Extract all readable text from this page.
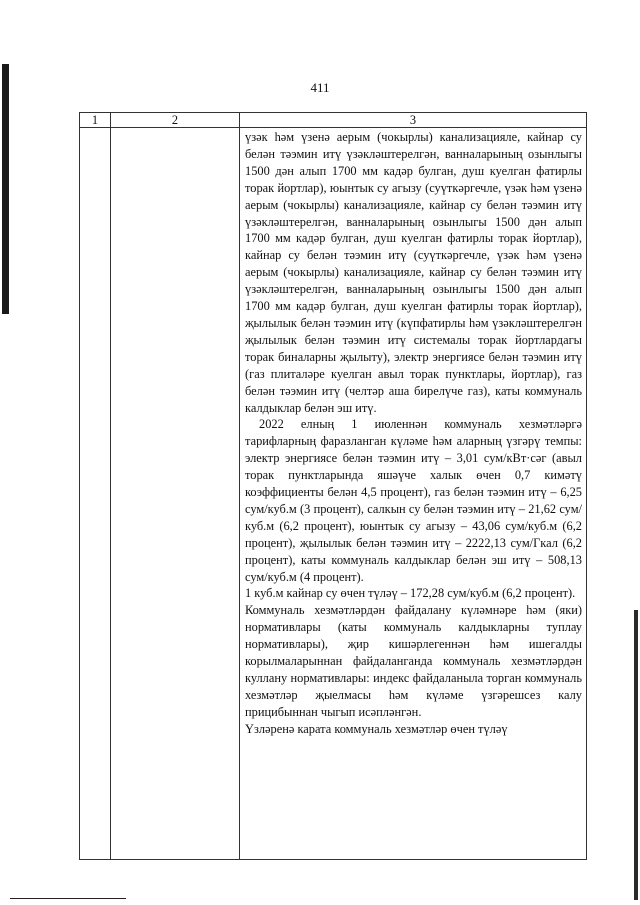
411
1	2	3

		үзәк һәм үзенә аерым (чокырлы) канализацияле, кайнар су белән тәэмин итү үзәкләштерелгән, ванналарының озынлыгы 1500 дән алып 1700 мм кадәр булган, душ куелган фатирлы торак йортлар), юынтык су агызу (суүткәргечле, үзәк һәм үзенә аерым (чокырлы) канализацияле, кайнар су белән тәэмин итү үзәкләштерелгән, ванналарының озынлыгы 1500 дән алып 1700 мм кадәр булган, душ куелган фатирлы торак йортлар), кайнар су белән тәэмин итү (суүткәргечле, үзәк һәм үзенә аерым (чокырлы) канализацияле, кайнар су белән тәэмин итү үзәкләштерелгән, ванналарының озынлыгы 1500 дән алып 1700 мм кадәр булган, душ куелган фатирлы торак йортлар), җылылык белән тәэмин итү (күпфатирлы һәм үзәкләштерелгән җылылык белән тәэмин итү системалы торак йортлардагы торак биналарны җылыту), электр энергиясе белән тәэмин итү (газ плиталәре куелган авыл торак пунктлары, йортлар), газ белән тәэмин итү (челтәр аша бирелүче газ), каты коммуналь калдыклар белән эш итү.

2022 елның 1 июленнән коммуналь хезмәтләргә тарифларның фаразланган күләме һәм аларның үзгәрү темпы: электр энергиясе белән тәэмин итү – 3,01 сум/кВт·сәг (авыл торак пунктларында яшәүче халык өчен 0,7 кимәтү коэффициенты белән 4,5 процент), газ белән тәэмин итү – 6,25 сум/куб.м (3 процент), салкын су белән тәэмин итү – 21,62 сум/куб.м (6,2 процент), юынтык су агызу – 43,06 сум/куб.м (6,2 процент), җылылык белән тәэмин итү – 2222,13 сум/Гкал (6,2 процент), каты коммуналь калдыклар белән эш итү – 508,13 сум/куб.м (4 процент).

1 куб.м кайнар су өчен түләү – 172,28 сум/куб.м (6,2 процент).

Коммуналь хезмәтләрдән файдалану күләмнәре һәм (яки) нормативлары (каты коммуналь калдыкларны туплау нормативлары), җир кишәрлегеннән һәм ишегалды корылмаларыннан файдаланганда коммуналь хезмәтләрдән куллану нормативлары: индекс файдаланыла торган коммуналь хезмәтләр җыелмасы һәм күләме үзгәрешсез калу прицибыннан чыгып исәпләнгән.

Үзләренә карата коммуналь хезмәтләр өчен түләү
